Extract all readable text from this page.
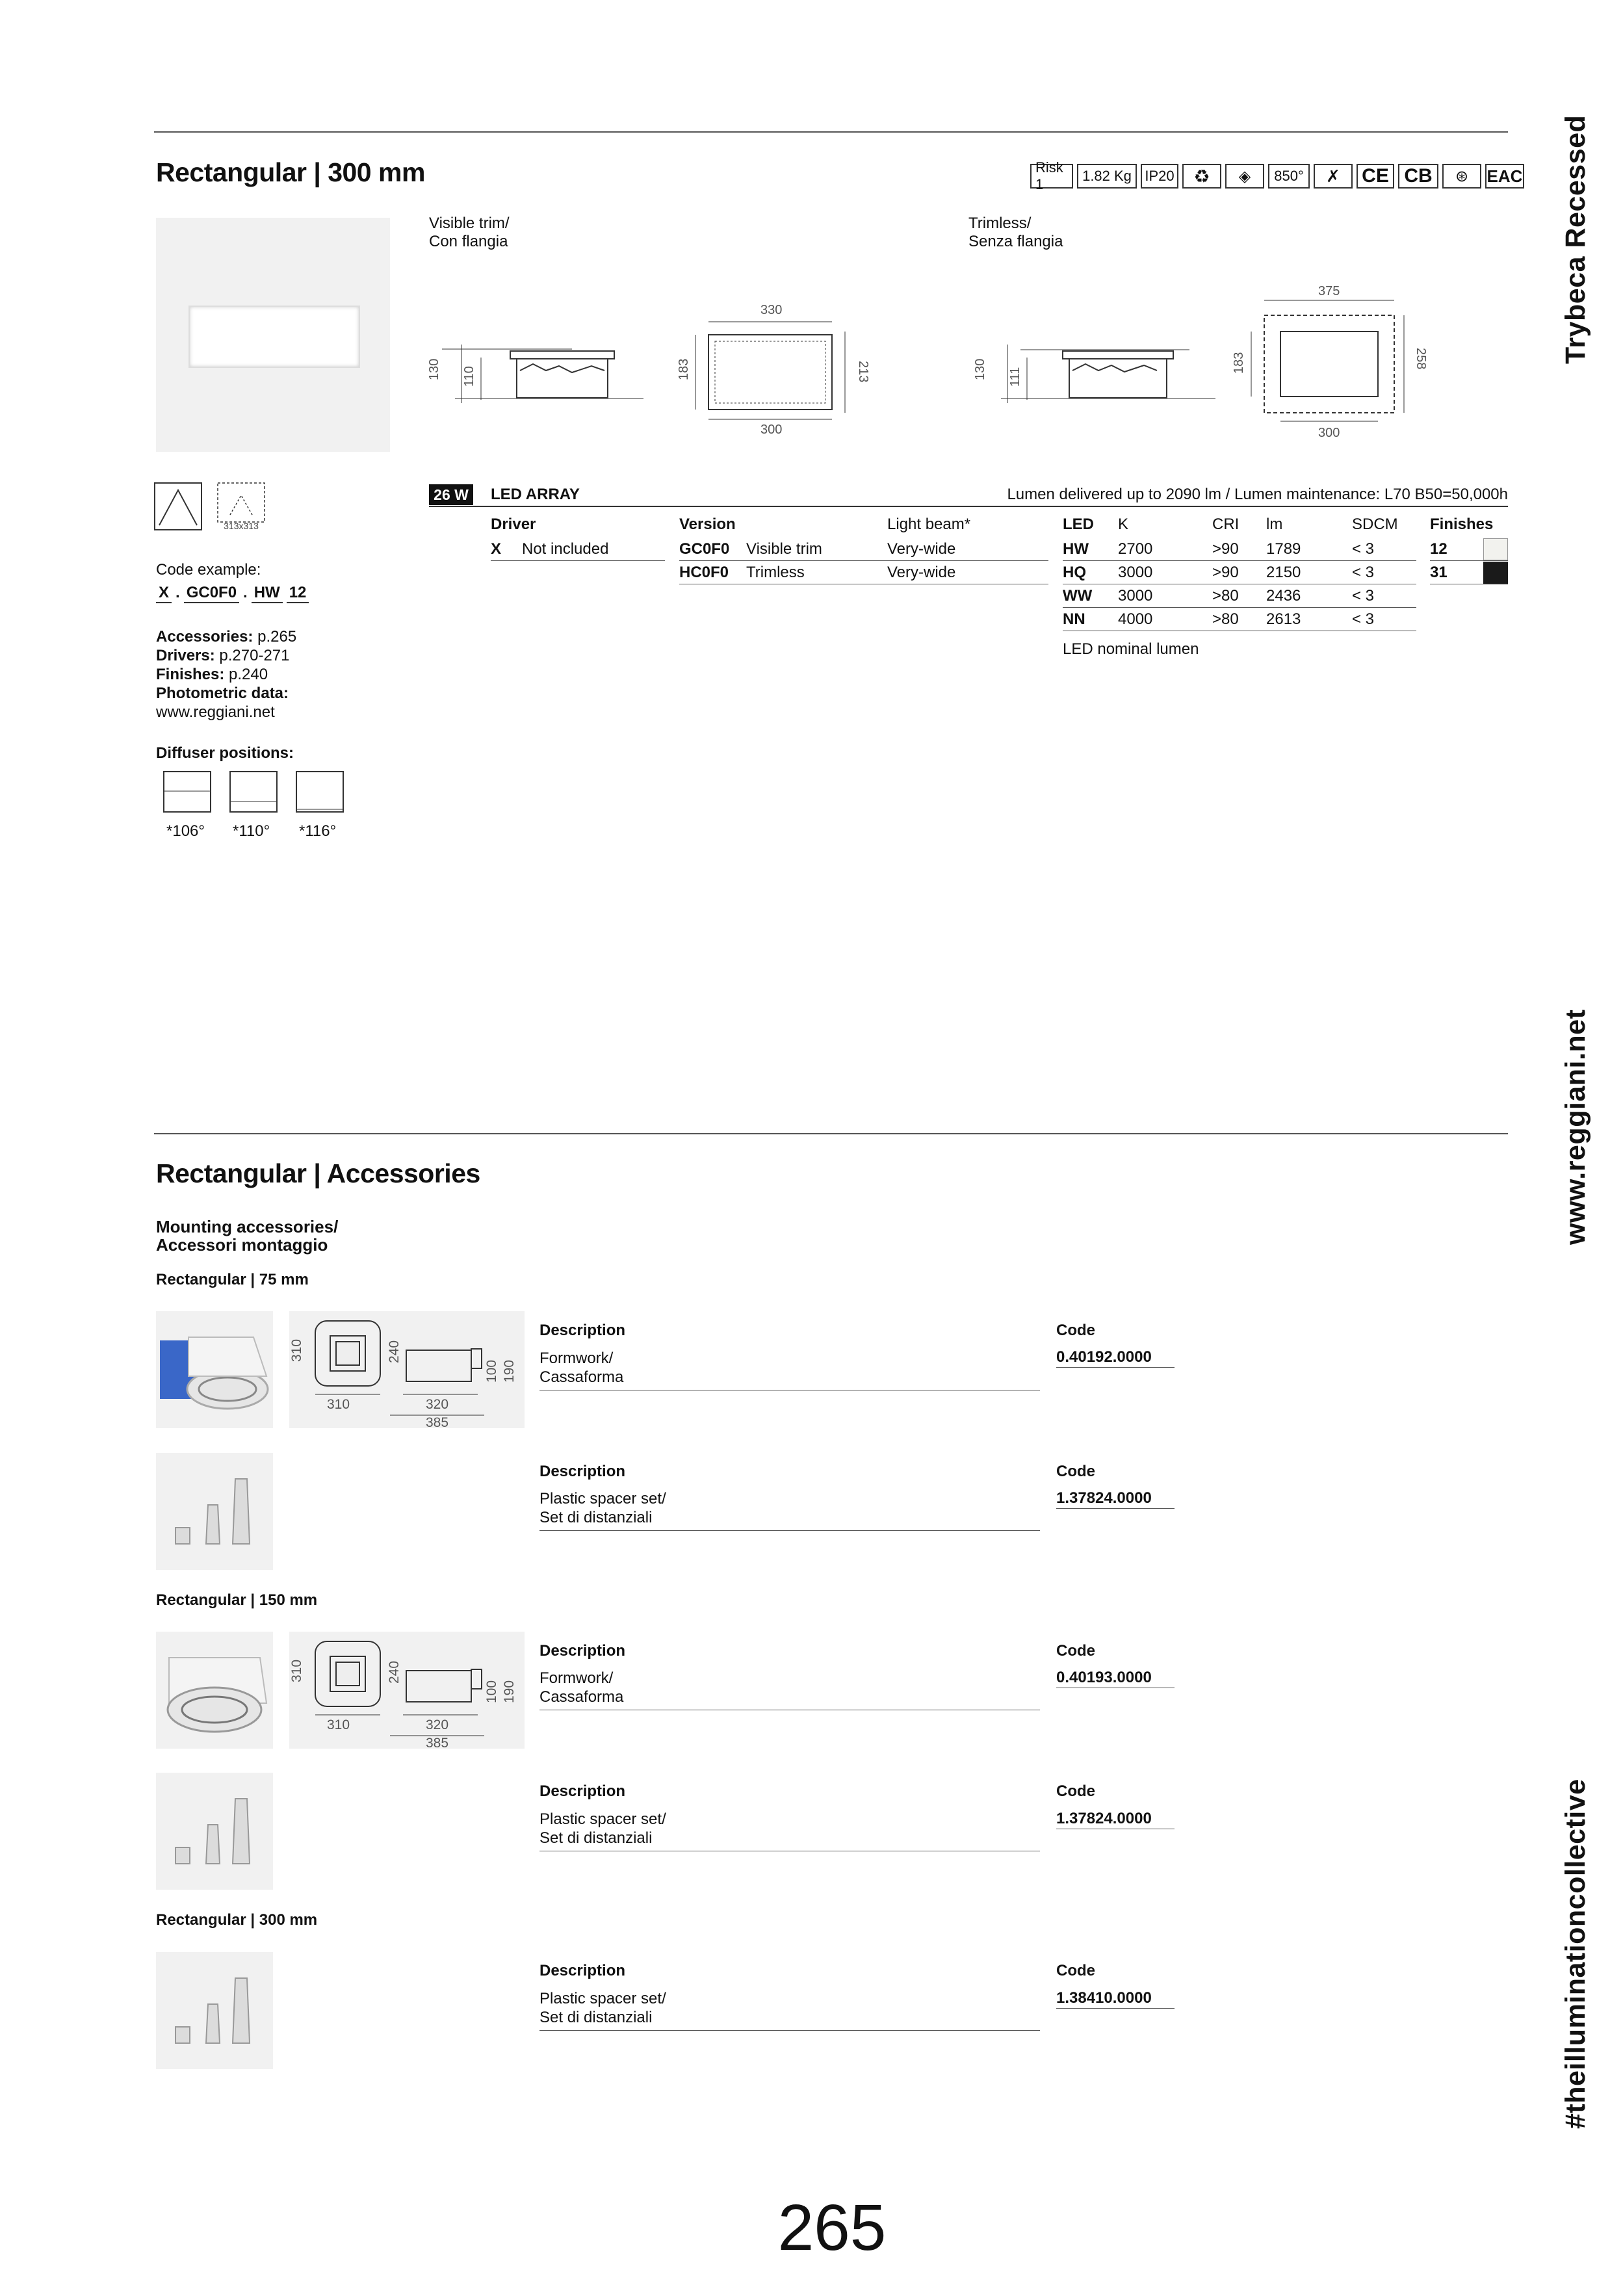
Rectangular | 300 mm	Risk 1
1.82 Kg IP20	♻	◈	850°	✗	CE CB	⊛	EAC
Visible trim/
Con flangia
Trimless/
Senza flangia
130 110
330
183	213
300
130 111
375
183	258
300
313x313
Code example:
X . GC0F0 . HW 12
Accessories: p.265
Drivers: p.270-271
Finishes: p.240
Photometric data:
www.reggiani.net
Diffuser positions:
*106° *110° *116°
26 W LED ARRAY	Lumen delivered up to 2090 lm / Lumen maintenance: L70 B50=50,000h
Driver
X Not included
Version	Light beam*
GC0F0 Visible trim	Very-wide
HC0F0 Trimless	Very-wide
LED K	CRI lm	SDCM
HW 2700	>90 1789	< 3
HQ 3000	>90 2150	< 3
WW 3000	>80 2436	< 3
NN 4000	>80 2613	< 3
LED nominal lumen
Finishes
12
31
Rectangular | Accessories
Mounting accessories/
Accessori montaggio
Rectangular | 75 mm
310	240
100 190
310	320
385
Description
Formwork/
Cassaforma
Code
0.40192.0000
Description
Plastic spacer set/
Set di distanziali
Code
1.37824.0000
Rectangular | 150 mm
310	240
100 190
310	320
385
Description
Formwork/
Cassaforma
Code
0.40193.0000
Description
Plastic spacer set/
Set di distanziali
Code
1.37824.0000
Rectangular | 300 mm
Description
Plastic spacer set/
Set di distanziali
Code
1.38410.0000
Trybeca Recessed
www.reggiani.net
#theilluminationcollective
265
